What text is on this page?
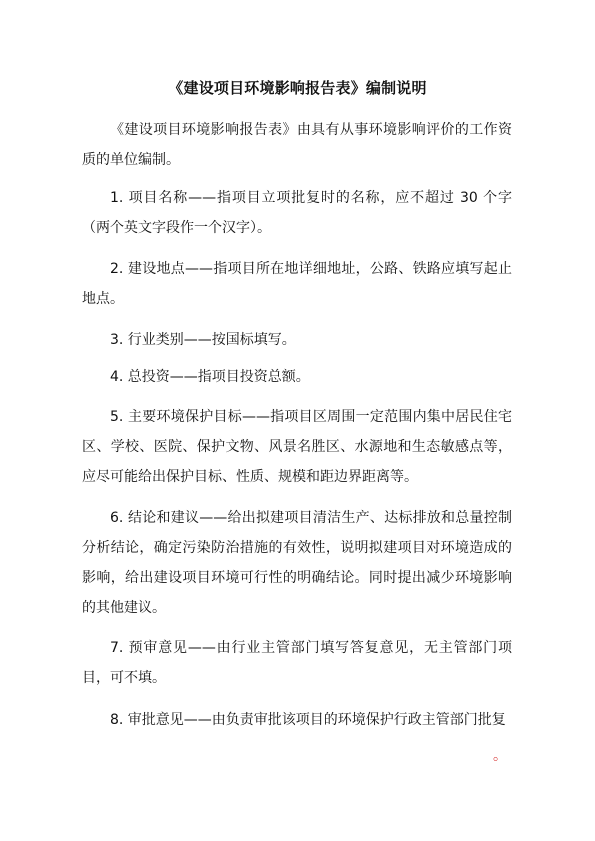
《建设项目环境影响报告表》编制说明

《建设项目环境影响报告表》由具有从事环境影响评价的工作资质的单位编制。

1. 项目名称——指项目立项批复时的名称，应不超过 30 个字（两个英文字段作一个汉字）。

2. 建设地点——指项目所在地详细地址，公路、铁路应填写起止地点。

3. 行业类别——按国标填写。

4. 总投资——指项目投资总额。

5. 主要环境保护目标——指项目区周围一定范围内集中居民住宅区、学校、医院、保护文物、风景名胜区、水源地和生态敏感点等，应尽可能给出保护目标、性质、规模和距边界距离等。

6. 结论和建议——给出拟建项目清洁生产、达标排放和总量控制分析结论，确定污染防治措施的有效性，说明拟建项目对环境造成的影响，给出建设项目环境可行性的明确结论。同时提出减少环境影响的其他建议。

7. 预审意见——由行业主管部门填写答复意见，无主管部门项目，可不填。

8. 审批意见——由负责审批该项目的环境保护行政主管部门批复

。
